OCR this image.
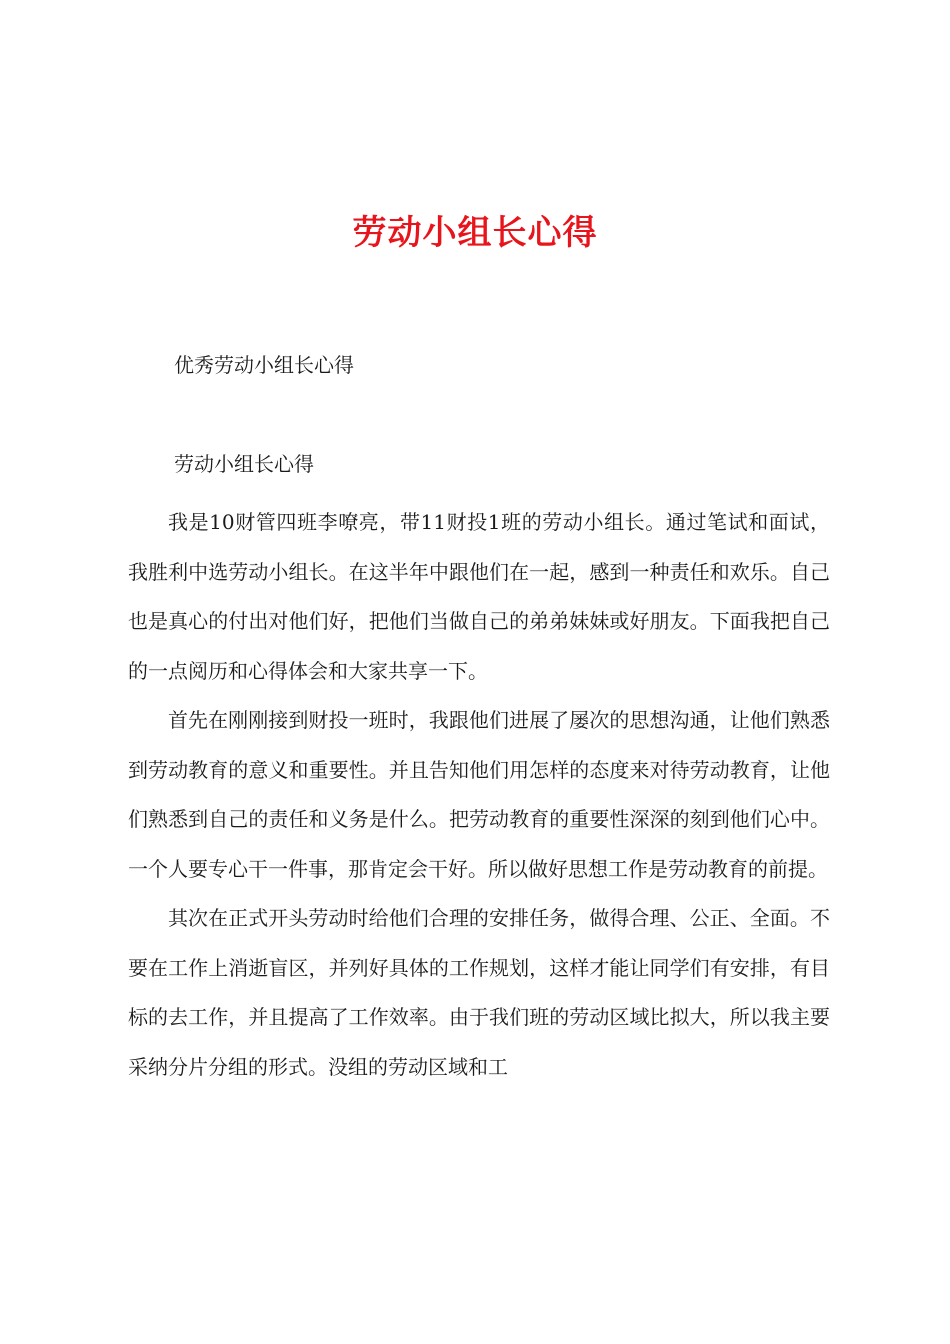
劳动小组长心得

优秀劳动小组长心得

劳动小组长心得

我是10财管四班李嘹亮，带11财投1班的劳动小组长。通过笔试和面试，我胜利中选劳动小组长。在这半年中跟他们在一起，感到一种责任和欢乐。自己也是真心的付出对他们好，把他们当做自己的弟弟妹妹或好朋友。下面我把自己的一点阅历和心得体会和大家共享一下。

首先在刚刚接到财投一班时，我跟他们进展了屡次的思想沟通，让他们熟悉到劳动教育的意义和重要性。并且告知他们用怎样的态度来对待劳动教育，让他们熟悉到自己的责任和义务是什么。把劳动教育的重要性深深的刻到他们心中。一个人要专心干一件事，那肯定会干好。所以做好思想工作是劳动教育的前提。

其次在正式开头劳动时给他们合理的安排任务，做得合理、公正、全面。不要在工作上消逝盲区，并列好具体的工作规划，这样才能让同学们有安排，有目标的去工作，并且提高了工作效率。由于我们班的劳动区域比拟大，所以我主要采纳分片分组的形式。没组的劳动区域和工
